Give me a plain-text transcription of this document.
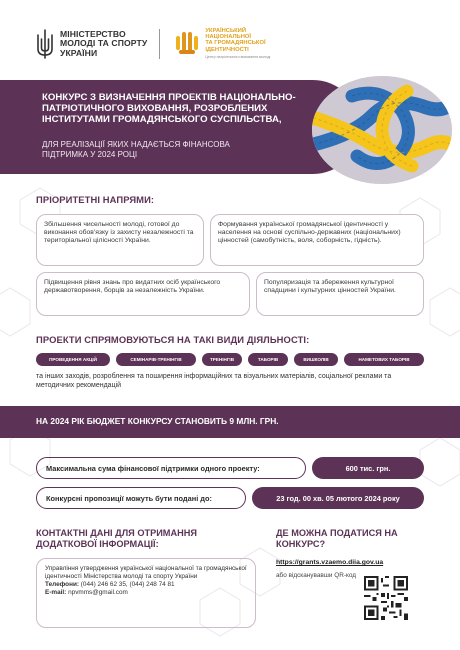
МІНІСТЕРСТВО
МОЛОДІ ТА СПОРТУ
УКРАЇНИ
УКРАЇНСЬКИЙ
НАЦІОНАЛЬНОЇ
ТА ГРОМАДЯНСЬКОЇ
ІДЕНТИЧНОСТІ
Центр патріотичного виховання молоді
КОНКУРС З ВИЗНАЧЕННЯ ПРОЕКТІВ НАЦІОНАЛЬНО-ПАТРІОТИЧНОГО ВИХОВАННЯ, РОЗРОБЛЕНИХ ІНСТИТУТАМИ ГРОМАДЯНСЬКОГО СУСПІЛЬСТВА,
ДЛЯ РЕАЛІЗАЦІЇ ЯКИХ НАДАЄТЬСЯ ФІНАНСОВА ПІДТРИМКА У 2024 РОЦІ
ПРІОРИТЕТНІ НАПРЯМИ:
Збільшення чисельності молоді, готової до виконання обов'язку із захисту незалежності та територіальної цілісності України.
Формування української громадянської ідентичності у населення на основі суспільно-державних (національних) цінностей (самобутність, воля, соборність, гідність).
Підвищення рівня знань про видатних осіб українського державотворення, борців за незалежність України.
Популяризація та збереження культурної спадщини і культурних цінностей України.
ПРОЕКТИ СПРЯМОВУЮТЬСЯ НА ТАКІ ВИДИ ДІЯЛЬНОСТІ:
ПРОВЕДЕННЯ АКЦІЙ	СЕМІНАРІВ-ТРЕНІНГІВ	ТРЕНІНГІВ	ТАБОРІВ	ВИШКОЛІВ	НАМЕТОВИХ ТАБОРІВ
та інших заходів, розроблення та поширення інформаційних та візуальних матеріалів, соціальної реклами та методичних рекомендацій
НА 2024 РІК БЮДЖЕТ КОНКУРСУ СТАНОВИТЬ 9 МЛН. ГРН.
Максимальна сума фінансової підтримки одного проекту:	600 тис. грн.
Конкурсні пропозиції можуть бути подані до:	23 год. 00 хв. 05 лютого 2024 року
КОНТАКТНІ ДАНІ ДЛЯ ОТРИМАННЯ ДОДАТКОВОЇ ІНФОРМАЦІЇ:
Управління утвердження української національної та громадянської ідентичності Міністерства молоді та спорту України
Телефони: (044) 246 62 35, (044) 248 74 81
E-mail: npvmms@gmail.com
ДЕ МОЖНА ПОДАТИСЯ НА КОНКУРС?
https://grants.vzaemo.diia.gov.ua
або відсканувавши QR-код
